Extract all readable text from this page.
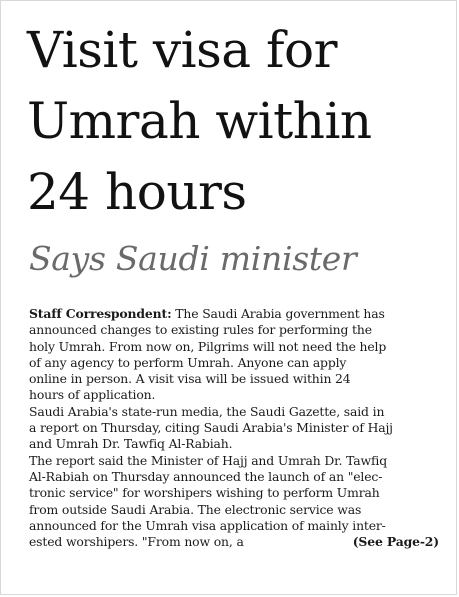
Visit visa for
Umrah within
24 hours
Says Saudi minister
Staff Correspondent: The Saudi Arabia government has
announced changes to existing rules for performing the
holy Umrah. From now on, Pilgrims will not need the help
of any agency to perform Umrah. Anyone can apply
online in person. A visit visa will be issued within 24
hours of application.
Saudi Arabia's state-run media, the Saudi Gazette, said in
a report on Thursday, citing Saudi Arabia's Minister of Hajj
and Umrah Dr. Tawfiq Al-Rabiah.
The report said the Minister of Hajj and Umrah Dr. Tawfiq
Al-Rabiah on Thursday announced the launch of an "elec-
tronic service" for worshipers wishing to perform Umrah
from outside Saudi Arabia. The electronic service was
announced for the Umrah visa application of mainly inter-
ested worshipers. "From now on, a	(See Page-2)
